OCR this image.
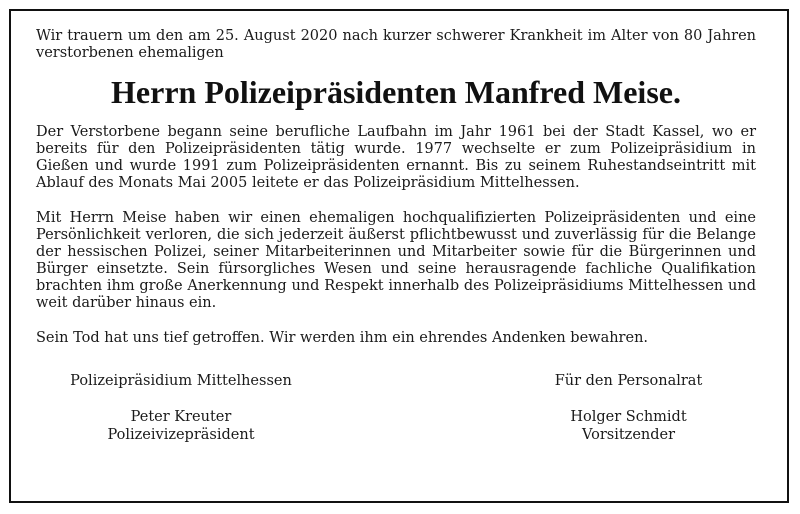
Wir trauern um den am 25. August 2020 nach kurzer schwerer Krankheit im Alter von 80 Jahren verstorbenen ehemaligen

Herrn Polizeipräsidenten Manfred Meise.

Der Verstorbene begann seine berufliche Laufbahn im Jahr 1961 bei der Stadt Kassel, wo er bereits für den Polizeipräsidenten tätig wurde. 1977 wechselte er zum Polizeipräsidium in Gießen und wurde 1991 zum Polizeipräsidenten ernannt. Bis zu seinem Ruhestandseintritt mit Ablauf des Monats Mai 2005 leitete er das Polizeipräsidium Mittelhessen.

Mit Herrn Meise haben wir einen ehemaligen hochqualifizierten Polizeipräsidenten und eine Persönlichkeit verloren, die sich jederzeit äußerst pflichtbewusst und zuverlässig für die Belange der hessischen Polizei, seiner Mitarbeiterinnen und Mitarbeiter sowie für die Bürgerinnen und Bürger einsetzte. Sein fürsorgliches Wesen und seine herausragende fachliche Qualifikation brachten ihm große Anerkennung und Respekt innerhalb des Polizeipräsidiums Mittelhessen und weit darüber hinaus ein.

Sein Tod hat uns tief getroffen. Wir werden ihm ein ehrendes Andenken bewahren.

Polizeipräsidium Mittelhessen

Peter Kreuter

Polizeivizepräsident

Für den Personalrat

Holger Schmidt

Vorsitzender
